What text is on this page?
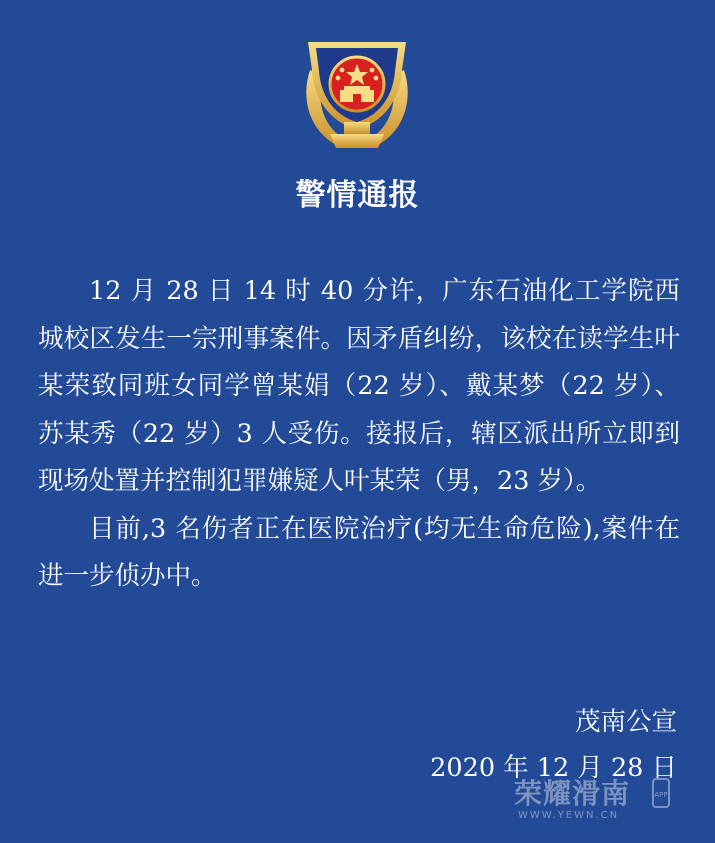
警情通报

12 月 28 日 14 时 40 分许，广东石油化工学院西城校区发生一宗刑事案件。因矛盾纠纷，该校在读学生叶某荣致同班女同学曾某娟（22 岁）、戴某梦（22 岁）、苏某秀（22 岁）3 人受伤。接报后，辖区派出所立即到现场处置并控制犯罪嫌疑人叶某荣（男，23 岁）。

目前,3 名伤者正在医院治疗(均无生命危险),案件在进一步侦办中。

茂南公宣
2020 年 12 月 28 日
荣耀滑南	APP
WWW.YEWN.CN
